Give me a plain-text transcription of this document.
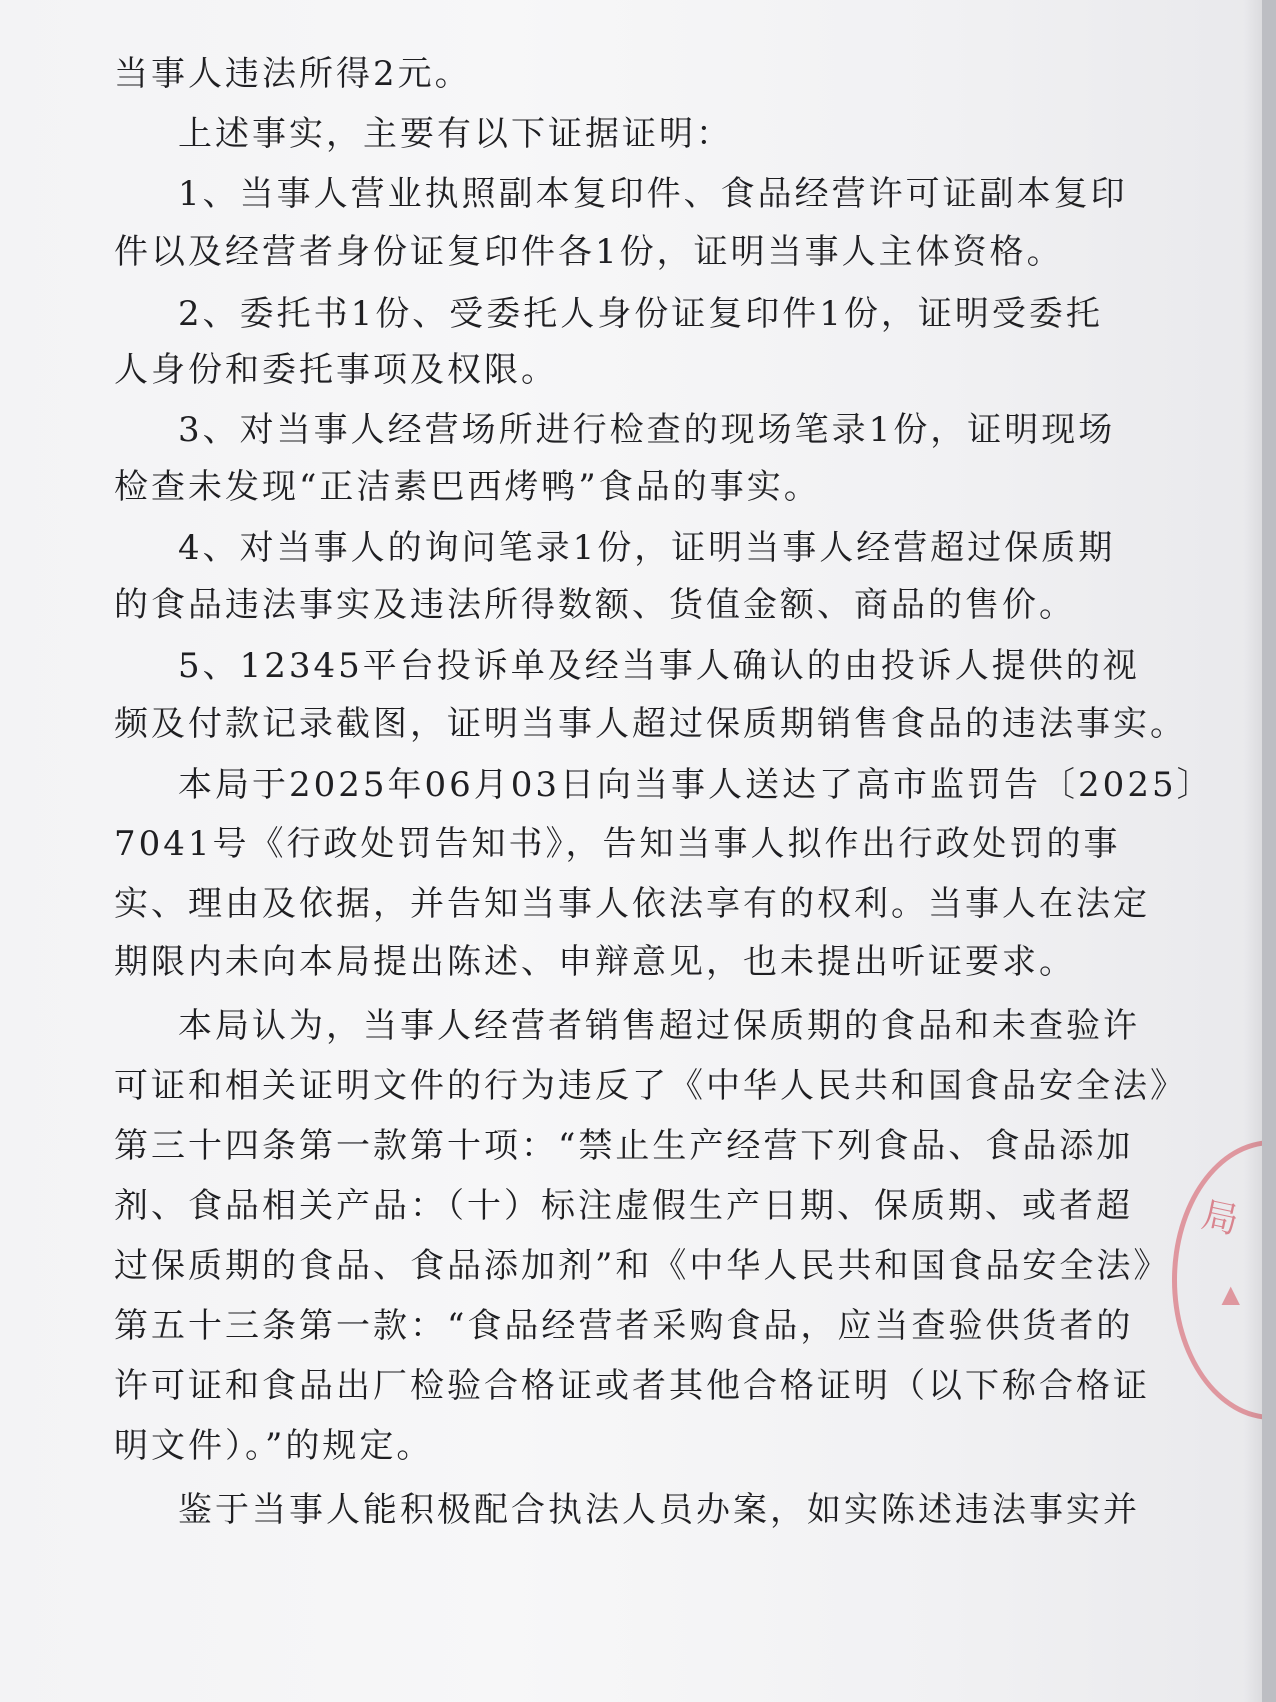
当事人违法所得2元。
上述事实，主要有以下证据证明：
1、当事人营业执照副本复印件、食品经营许可证副本复印
件以及经营者身份证复印件各1份，证明当事人主体资格。
2、委托书1份、受委托人身份证复印件1份，证明受委托
人身份和委托事项及权限。
3、对当事人经营场所进行检查的现场笔录1份，证明现场
检查未发现“正洁素巴西烤鸭”食品的事实。
4、对当事人的询问笔录1份，证明当事人经营超过保质期
的食品违法事实及违法所得数额、货值金额、商品的售价。
5、12345平台投诉单及经当事人确认的由投诉人提供的视
频及付款记录截图，证明当事人超过保质期销售食品的违法事实。
本局于2025年06月03日向当事人送达了高市监罚告〔2025〕
7041号《行政处罚告知书》，告知当事人拟作出行政处罚的事
实、理由及依据，并告知当事人依法享有的权利。当事人在法定
期限内未向本局提出陈述、申辩意见，也未提出听证要求。
本局认为，当事人经营者销售超过保质期的食品和未查验许
可证和相关证明文件的行为违反了《中华人民共和国食品安全法》
第三十四条第一款第十项：“禁止生产经营下列食品、食品添加
剂、食品相关产品：（十）标注虚假生产日期、保质期、或者超
过保质期的食品、食品添加剂”和《中华人民共和国食品安全法》
第五十三条第一款：“食品经营者采购食品，应当查验供货者的
许可证和食品出厂检验合格证或者其他合格证明（以下称合格证
明文件）。”的规定。
鉴于当事人能积极配合执法人员办案，如实陈述违法事实并
局
▲
